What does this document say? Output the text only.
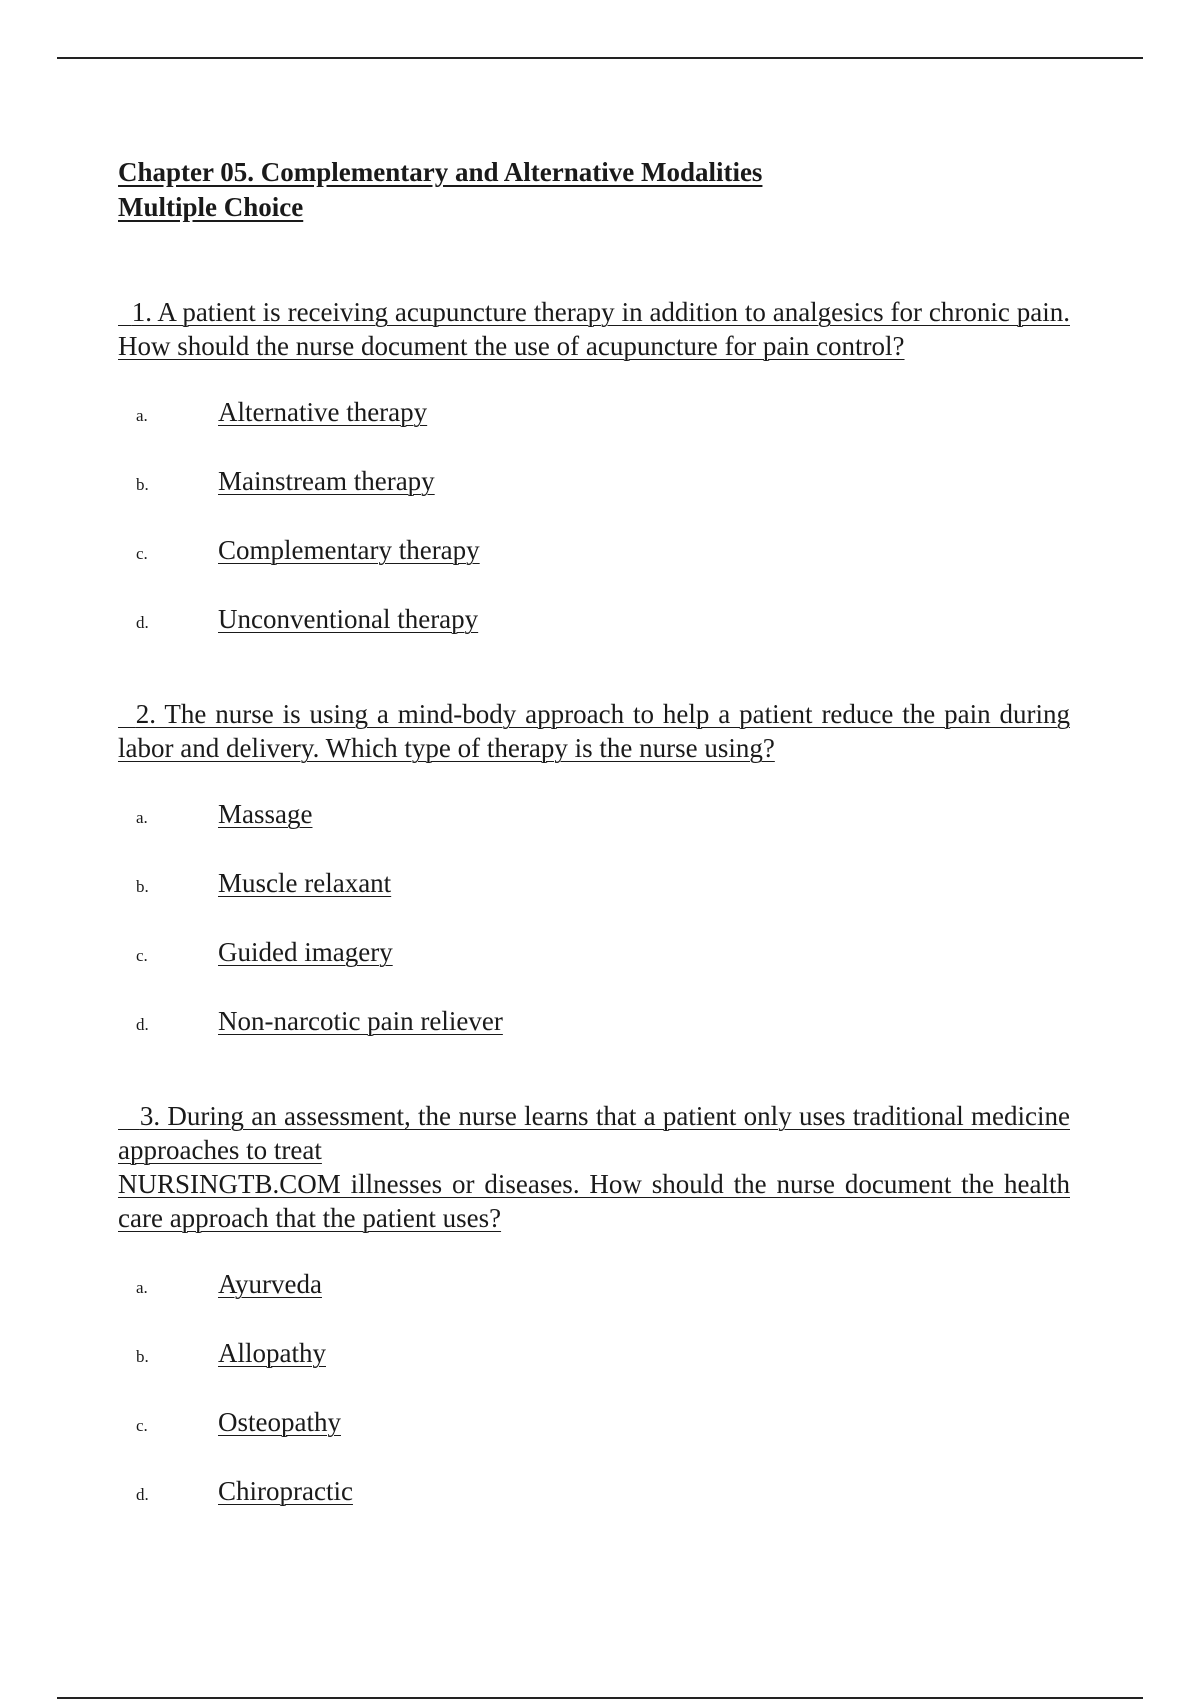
Chapter 05. Complementary and Alternative Modalities
Multiple Choice

1. A patient is receiving acupuncture therapy in addition to analgesics for chronic pain. How should the nurse document the use of acupuncture for pain control?

a.	Alternative therapy
b.	Mainstream therapy
c.	Complementary therapy
d.	Unconventional therapy

2. The nurse is using a mind-body approach to help a patient reduce the pain during labor and delivery. Which type of therapy is the nurse using?

a.	Massage
b.	Muscle relaxant
c.	Guided imagery
d.	Non-narcotic pain reliever

3. During an assessment, the nurse learns that a patient only uses traditional medicine approaches to treat
NURSINGTB.COM illnesses or diseases. How should the nurse document the health care approach that the patient uses?

a.	Ayurveda
b.	Allopathy
c.	Osteopathy
d.	Chiropractic
